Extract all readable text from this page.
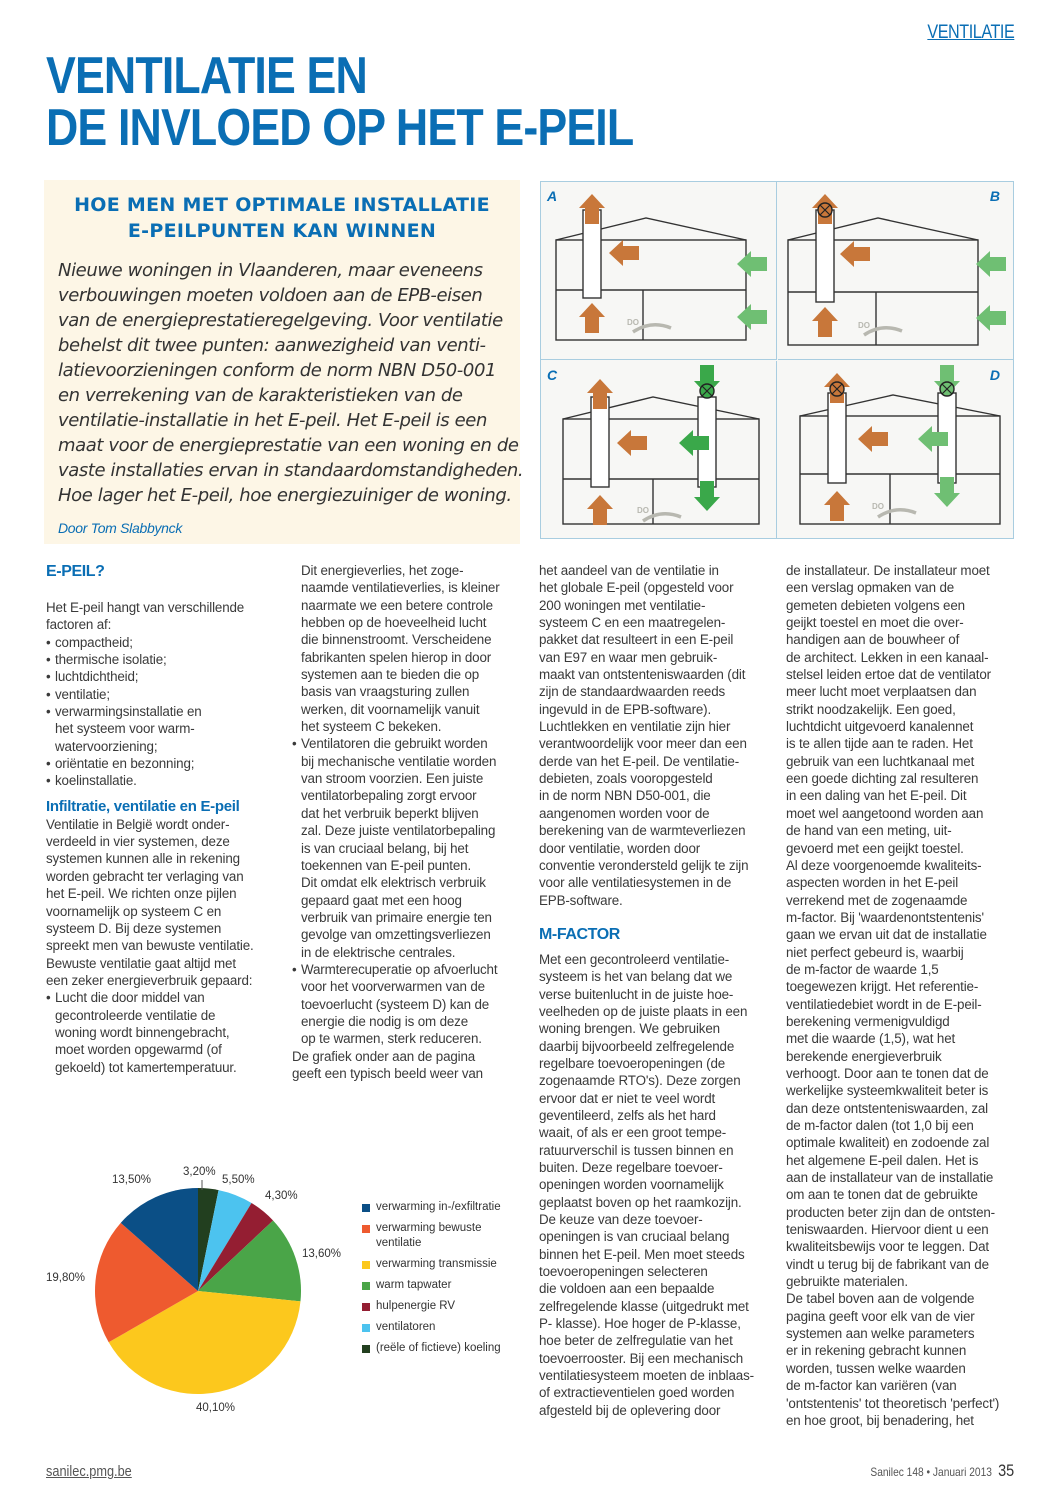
VENTILATIE
VENTILATIE EN
DE INVLOED OP HET E-PEIL
HOE MEN MET OPTIMALE INSTALLATIE
E-PEILPUNTEN KAN WINNEN
Nieuwe woningen in Vlaanderen, maar eveneens
verbouwingen moeten voldoen aan de EPB-eisen
van de energieprestatieregelgeving. Voor ventilatie
behelst dit twee punten: aanwezigheid van venti-
latievoorzieningen conform de norm NBN D50-001
en verrekening van de karakteristieken van de
ventilatie-installatie in het E-peil. Het E-peil is een
maat voor de energieprestatie van een woning en de
vaste installaties ervan in standaardomstandigheden.
Hoe lager het E-peil, hoe energiezuiniger de woning.
Door Tom Slabbynck
DO
A
DO
B
DO
C
DO
D
E-PEIL?
Het E-peil hangt van verschillende
factoren af:
• compactheid;
• thermische isolatie;
• luchtdichtheid;
• ventilatie;
• verwarmingsinstallatie en
het systeem voor warm-
watervoorziening;
• oriëntatie en bezonning;
• koelinstallatie.
Infiltratie, ventilatie en E-peil
Ventilatie in België wordt onder-
verdeeld in vier systemen, deze
systemen kunnen alle in rekening
worden gebracht ter verlaging van
het E-peil. We richten onze pijlen
voornamelijk op systeem C en
systeem D. Bij deze systemen
spreekt men van bewuste ventilatie.
Bewuste ventilatie gaat altijd met
een zeker energieverbruik gepaard:
• Lucht die door middel van
gecontroleerde ventilatie de
woning wordt binnengebracht,
moet worden opgewarmd (of
gekoeld) tot kamertemperatuur.
Dit energieverlies, het zoge-
naamde ventilatieverlies, is kleiner
naarmate we een betere controle
hebben op de hoeveelheid lucht
die binnenstroomt. Verscheidene
fabrikanten spelen hierop in door
systemen aan te bieden die op
basis van vraagsturing zullen
werken, dit voornamelijk vanuit
het systeem C bekeken.
• Ventilatoren die gebruikt worden
bij mechanische ventilatie worden
van stroom voorzien. Een juiste
ventilatorbepaling zorgt ervoor
dat het verbruik beperkt blijven
zal. Deze juiste ventilatorbepaling
is van cruciaal belang, bij het
toekennen van E-peil punten.
Dit omdat elk elektrisch verbruik
gepaard gaat met een hoog
verbruik van primaire energie ten
gevolge van omzettingsverliezen
in de elektrische centrales.
• Warmterecuperatie op afvoerlucht
voor het voorverwarmen van de
toevoerlucht (systeem D) kan de
energie die nodig is om deze
op te warmen, sterk reduceren.
De grafiek onder aan de pagina
geeft een typisch beeld weer van
het aandeel van de ventilatie in
het globale E-peil (opgesteld voor
200 woningen met ventilatie-
systeem C en een maatregelen-
pakket dat resulteert in een E-peil
van E97 en waar men gebruik-
maakt van ontstenteniswaarden (dit
zijn de standaardwaarden reeds
ingevuld in de EPB-software).
Luchtlekken en ventilatie zijn hier
verantwoordelijk voor meer dan een
derde van het E-peil. De ventilatie-
debieten, zoals vooropgesteld
in de norm NBN D50-001, die
aangenomen worden voor de
berekening van de warmteverliezen
door ventilatie, worden door
conventie verondersteld gelijk te zijn
voor alle ventilatiesystemen in de
EPB-software.
M-FACTOR
Met een gecontroleerd ventilatie-
systeem is het van belang dat we
verse buitenlucht in de juiste hoe-
veelheden op de juiste plaats in een
woning brengen. We gebruiken
daarbij bijvoorbeeld zelfregelende
regelbare toevoeropeningen (de
zogenaamde RTO's). Deze zorgen
ervoor dat er niet te veel wordt
geventileerd, zelfs als het hard
waait, of als er een groot tempe-
ratuurverschil is tussen binnen en
buiten. Deze regelbare toevoer-
openingen worden voornamelijk
geplaatst boven op het raamkozijn.
De keuze van deze toevoer-
openingen is van cruciaal belang
binnen het E-peil. Men moet steeds
toevoeropeningen selecteren
die voldoen aan een bepaalde
zelfregelende klasse (uitgedrukt met
P- klasse). Hoe hoger de P-klasse,
hoe beter de zelfregulatie van het
toevoerrooster. Bij een mechanisch
ventilatiesysteem moeten de inblaas-
of extractieventielen goed worden
afgesteld bij de oplevering door
de installateur. De installateur moet
een verslag opmaken van de
gemeten debieten volgens een
geijkt toestel en moet die over-
handigen aan de bouwheer of
de architect. Lekken in een kanaal-
stelsel leiden ertoe dat de ventilator
meer lucht moet verplaatsen dan
strikt noodzakelijk. Een goed,
luchtdicht uitgevoerd kanalennet
is te allen tijde aan te raden. Het
gebruik van een luchtkanaal met
een goede dichting zal resulteren
in een daling van het E-peil. Dit
moet wel aangetoond worden aan
de hand van een meting, uit-
gevoerd met een geijkt toestel.
Al deze voorgenoemde kwaliteits-
aspecten worden in het E-peil
verrekend met de zogenaamde
m-factor. Bij 'waardenontstentenis'
gaan we ervan uit dat de installatie
niet perfect gebeurd is, waarbij
de m-factor de waarde 1,5
toegewezen krijgt. Het referentie-
ventilatiedebiet wordt in de E-peil-
berekening vermenigvuldigd
met die waarde (1,5), wat het
berekende energieverbruik
verhoogt. Door aan te tonen dat de
werkelijke systeemkwaliteit beter is
dan deze ontstenteniswaarden, zal
de m-factor dalen (tot 1,0 bij een
optimale kwaliteit) en zodoende zal
het algemene E-peil dalen. Het is
aan de installateur van de installatie
om aan te tonen dat de gebruikte
producten beter zijn dan de ontsten-
teniswaarden. Hiervoor dient u een
kwaliteitsbewijs voor te leggen. Dat
vindt u terug bij de fabrikant van de
gebruikte materialen.
De tabel boven aan de volgende
pagina geeft voor elk van de vier
systemen aan welke parameters
er in rekening gebracht kunnen
worden, tussen welke waarden
de m-factor kan variëren (van
'ontstentenis' tot theoretisch 'perfect')
en hoe groot, bij benadering, het
13,50%
19,80%
40,10%
13,60%
4,30%
5,50%
3,20%
verwarming in-/exfiltratie
verwarming bewuste ventilatie
verwarming transmissie
warm tapwater
hulpenergie RV
ventilatoren
(reële of fictieve) koeling
sanilec.pmg.be	Sanilec 148 • Januari 2013 35
